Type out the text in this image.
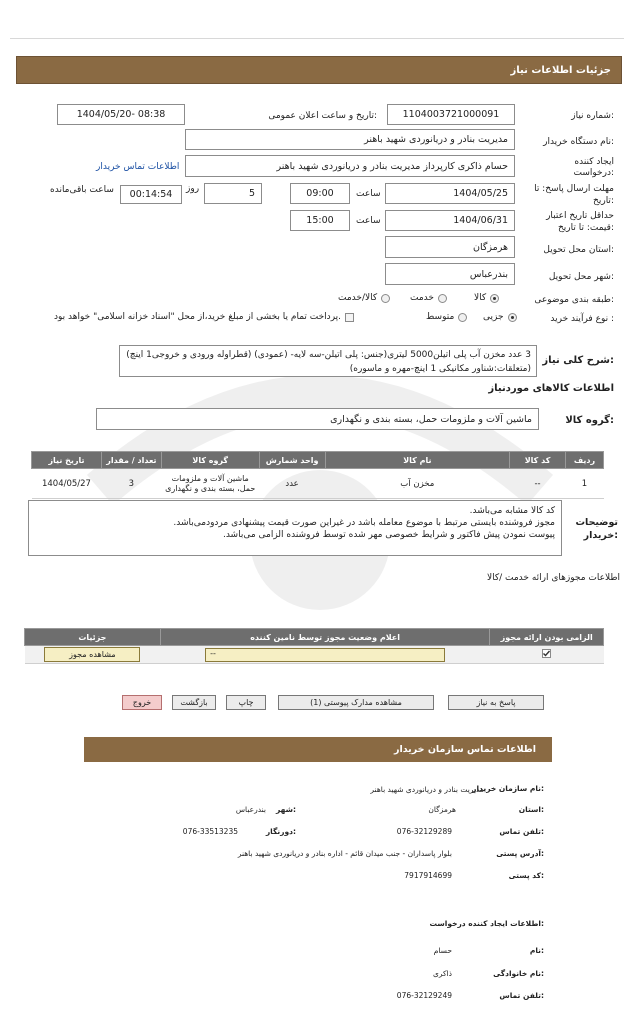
جزئیات اطلاعات نیاز
شماره نیاز:
1104003721000091
تاریخ و ساعت اعلان عمومی:
1404/05/20- 08:38
نام دستگاه خریدار:
مدیریت بنادر و دریانوردی شهید باهنر
ایجاد کننده
درخواست:
حسام ذاکری کارپرداز مدیریت بنادر و دریانوردی شهید باهنر
اطلاعات تماس خریدار
مهلت ارسال پاسخ: تا
تاریخ:
1404/05/25
ساعت
09:00
5
روز
00:14:54
ساعت باقی‌مانده
حداقل تاریخ اعتبار
قیمت: تا تاریخ:
1404/06/31
ساعت
15:00
استان محل تحویل:
هرمزگان
شهر محل تحویل:
بندرعباس
طبقه بندی موضوعی:
کالا
خدمت
کالا/خدمت
نوع فرآیند خرید :
جزیی
متوسط
پرداخت تمام یا بخشی از مبلغ خرید،از محل "اسناد خزانه اسلامی" خواهد بود.
شرح کلی نیاز:
3 عدد مخزن آب پلی اتیلن5000 لیتری(جنس: پلی اتیلن-سه لایه- (عمودی) (قطراوله ورودی و خروجی1 اینچ) (متعلقات:شناور مکانیکی 1 اینچ-مهره و ماسوره)
اطلاعات کالاهای موردنیاز
گروه کالا:
ماشین آلات و ملزومات حمل، بسته بندی و نگهداری
تاریخ نیاز	تعداد / مقدار	گروه کالا	واحد شمارش	نام کالا	کد کالا	ردیف
1404/05/27	3	ماشین آلات و ملزومات حمل، بسته بندی و نگهداری	عدد	مخزن آب	--	1
توضیحات
خریدار:
کد کالا مشابه می‌باشد.
مجوز فروشنده بایستی مرتبط با موضوع معامله باشد در غیراین صورت قیمت پیشنهادی مردودمی‌باشد.
پیوست نمودن پیش فاکتور و شرایط خصوصی مهر شده توسط فروشنده الزامی می‌باشد.
اطلاعات مجوزهای ارائه خدمت /کالا
جزئیات	اعلام وضعیت مجوز توسط نامین کننده	الزامی بودن ارائه مجوز

مشاهده مجوز	--

پاسخ به نیاز
مشاهده مدارک پیوستی (1)
چاپ
بازگشت
خروج
اطلاعات تماس سازمان خریدار
نام سازمان خریدار:
مدیریت بنادر و دریانوردی شهید باهنر
استان:
هرمزگان
شهر:
بندرعباس
تلفن تماس:
076-32129289
دورنگار:
076-33513235
آدرس پستی:
بلوار پاسداران - جنب میدان قائم - اداره بنادر و دریانوردی شهید باهنر
کد پستی:
7917914699
اطلاعات ایجاد کننده درخواست:
نام:
حسام
نام خانوادگی:
ذاکری
تلفن تماس:
076-32129249
